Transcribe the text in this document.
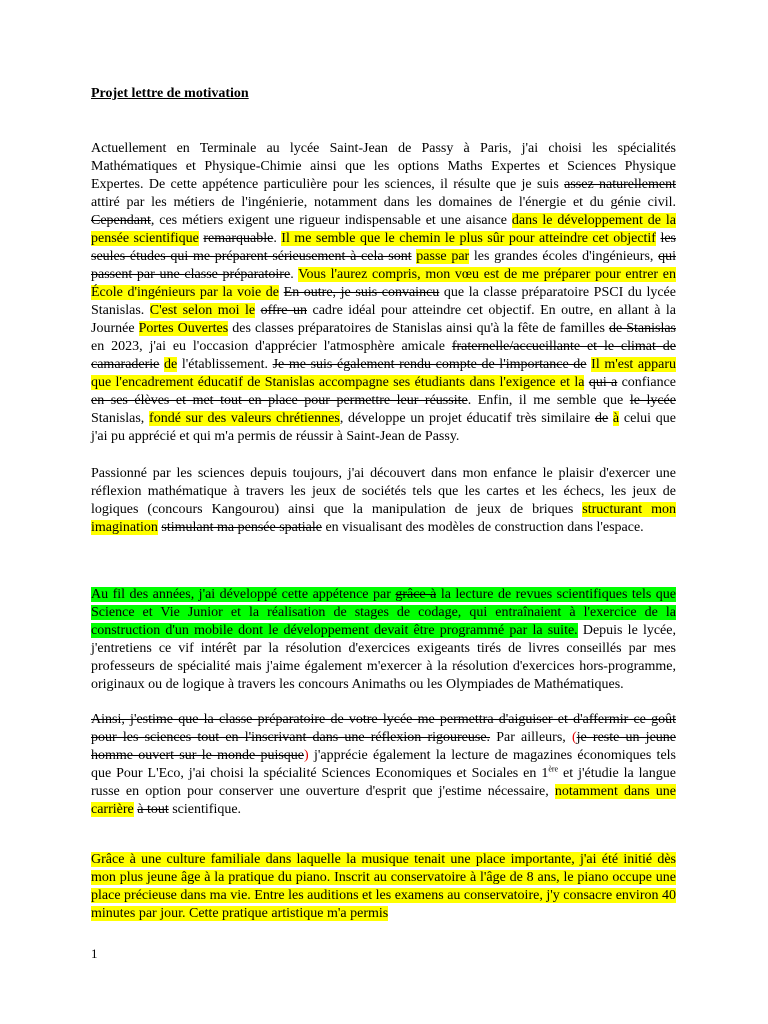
Projet lettre de motivation

Actuellement en Terminale au lycée Saint-Jean de Passy à Paris, j'ai choisi les spécialités Mathématiques et Physique-Chimie ainsi que les options Maths Expertes et Sciences Physique Expertes. De cette appétence particulière pour les sciences, il résulte que je suis assez naturellement attiré par les métiers de l'ingénierie, notamment dans les domaines de l'énergie et du génie civil. Cependant, ces métiers exigent une rigueur indispensable et une aisance dans le développement de la pensée scientifique remarquable. Il me semble que le chemin le plus sûr pour atteindre cet objectif les seules études qui me préparent sérieusement à cela sont passe par les grandes écoles d'ingénieurs, qui passent par une classe préparatoire. Vous l'aurez compris, mon vœu est de me préparer pour entrer en École d'ingénieurs par la voie de En outre, je suis convaincu que la classe préparatoire PSCI du lycée Stanislas. C'est selon moi le offre un cadre idéal pour atteindre cet objectif. En outre, en allant à la Journée Portes Ouvertes des classes préparatoires de Stanislas ainsi qu'à la fête de familles de Stanislas en 2023, j'ai eu l'occasion d'apprécier l'atmosphère amicale fraternelle/accueillante et le climat de camaraderie de l'établissement. Je me suis également rendu compte de l'importance de Il m'est apparu que l'encadrement éducatif de Stanislas accompagne ses étudiants dans l'exigence et la qui a confiance en ses élèves et met tout en place pour permettre leur réussite. Enfin, il me semble que le lycée Stanislas, fondé sur des valeurs chrétiennes, développe un projet éducatif très similaire de à celui que j'ai pu apprécié et qui m'a permis de réussir à Saint-Jean de Passy.

Passionné par les sciences depuis toujours, j'ai découvert dans mon enfance le plaisir d'exercer une réflexion mathématique à travers les jeux de sociétés tels que les cartes et les échecs, les jeux de logiques (concours Kangourou) ainsi que la manipulation de jeux de briques structurant mon imagination stimulant ma pensée spatiale en visualisant des modèles de construction dans l'espace.

Au fil des années, j'ai développé cette appétence par grâce à la lecture de revues scientifiques tels que Science et Vie Junior et la réalisation de stages de codage, qui entraînaient à l'exercice de la construction d'un mobile dont le développement devait être programmé par la suite. Depuis le lycée, j'entretiens ce vif intérêt par la résolution d'exercices exigeants tirés de livres conseillés par mes professeurs de spécialité mais j'aime également m'exercer à la résolution d'exercices hors-programme, originaux ou de logique à travers les concours Animaths ou les Olympiades de Mathématiques.

Ainsi, j'estime que la classe préparatoire de votre lycée me permettra d'aiguiser et d'affermir ce goût pour les sciences tout en l'inscrivant dans une réflexion rigoureuse. Par ailleurs, (je reste un jeune homme ouvert sur le monde puisque) j'apprécie également la lecture de magazines économiques tels que Pour L'Eco, j'ai choisi la spécialité Sciences Economiques et Sociales en 1ère et j'étudie la langue russe en option pour conserver une ouverture d'esprit que j'estime nécessaire, notamment dans une carrière à tout scientifique.

Grâce à une culture familiale dans laquelle la musique tenait une place importante, j'ai été initié dès mon plus jeune âge à la pratique du piano. Inscrit au conservatoire à l'âge de 8 ans, le piano occupe une place précieuse dans ma vie. Entre les auditions et les examens au conservatoire, j'y consacre environ 40 minutes par jour. Cette pratique artistique m'a permis

1
